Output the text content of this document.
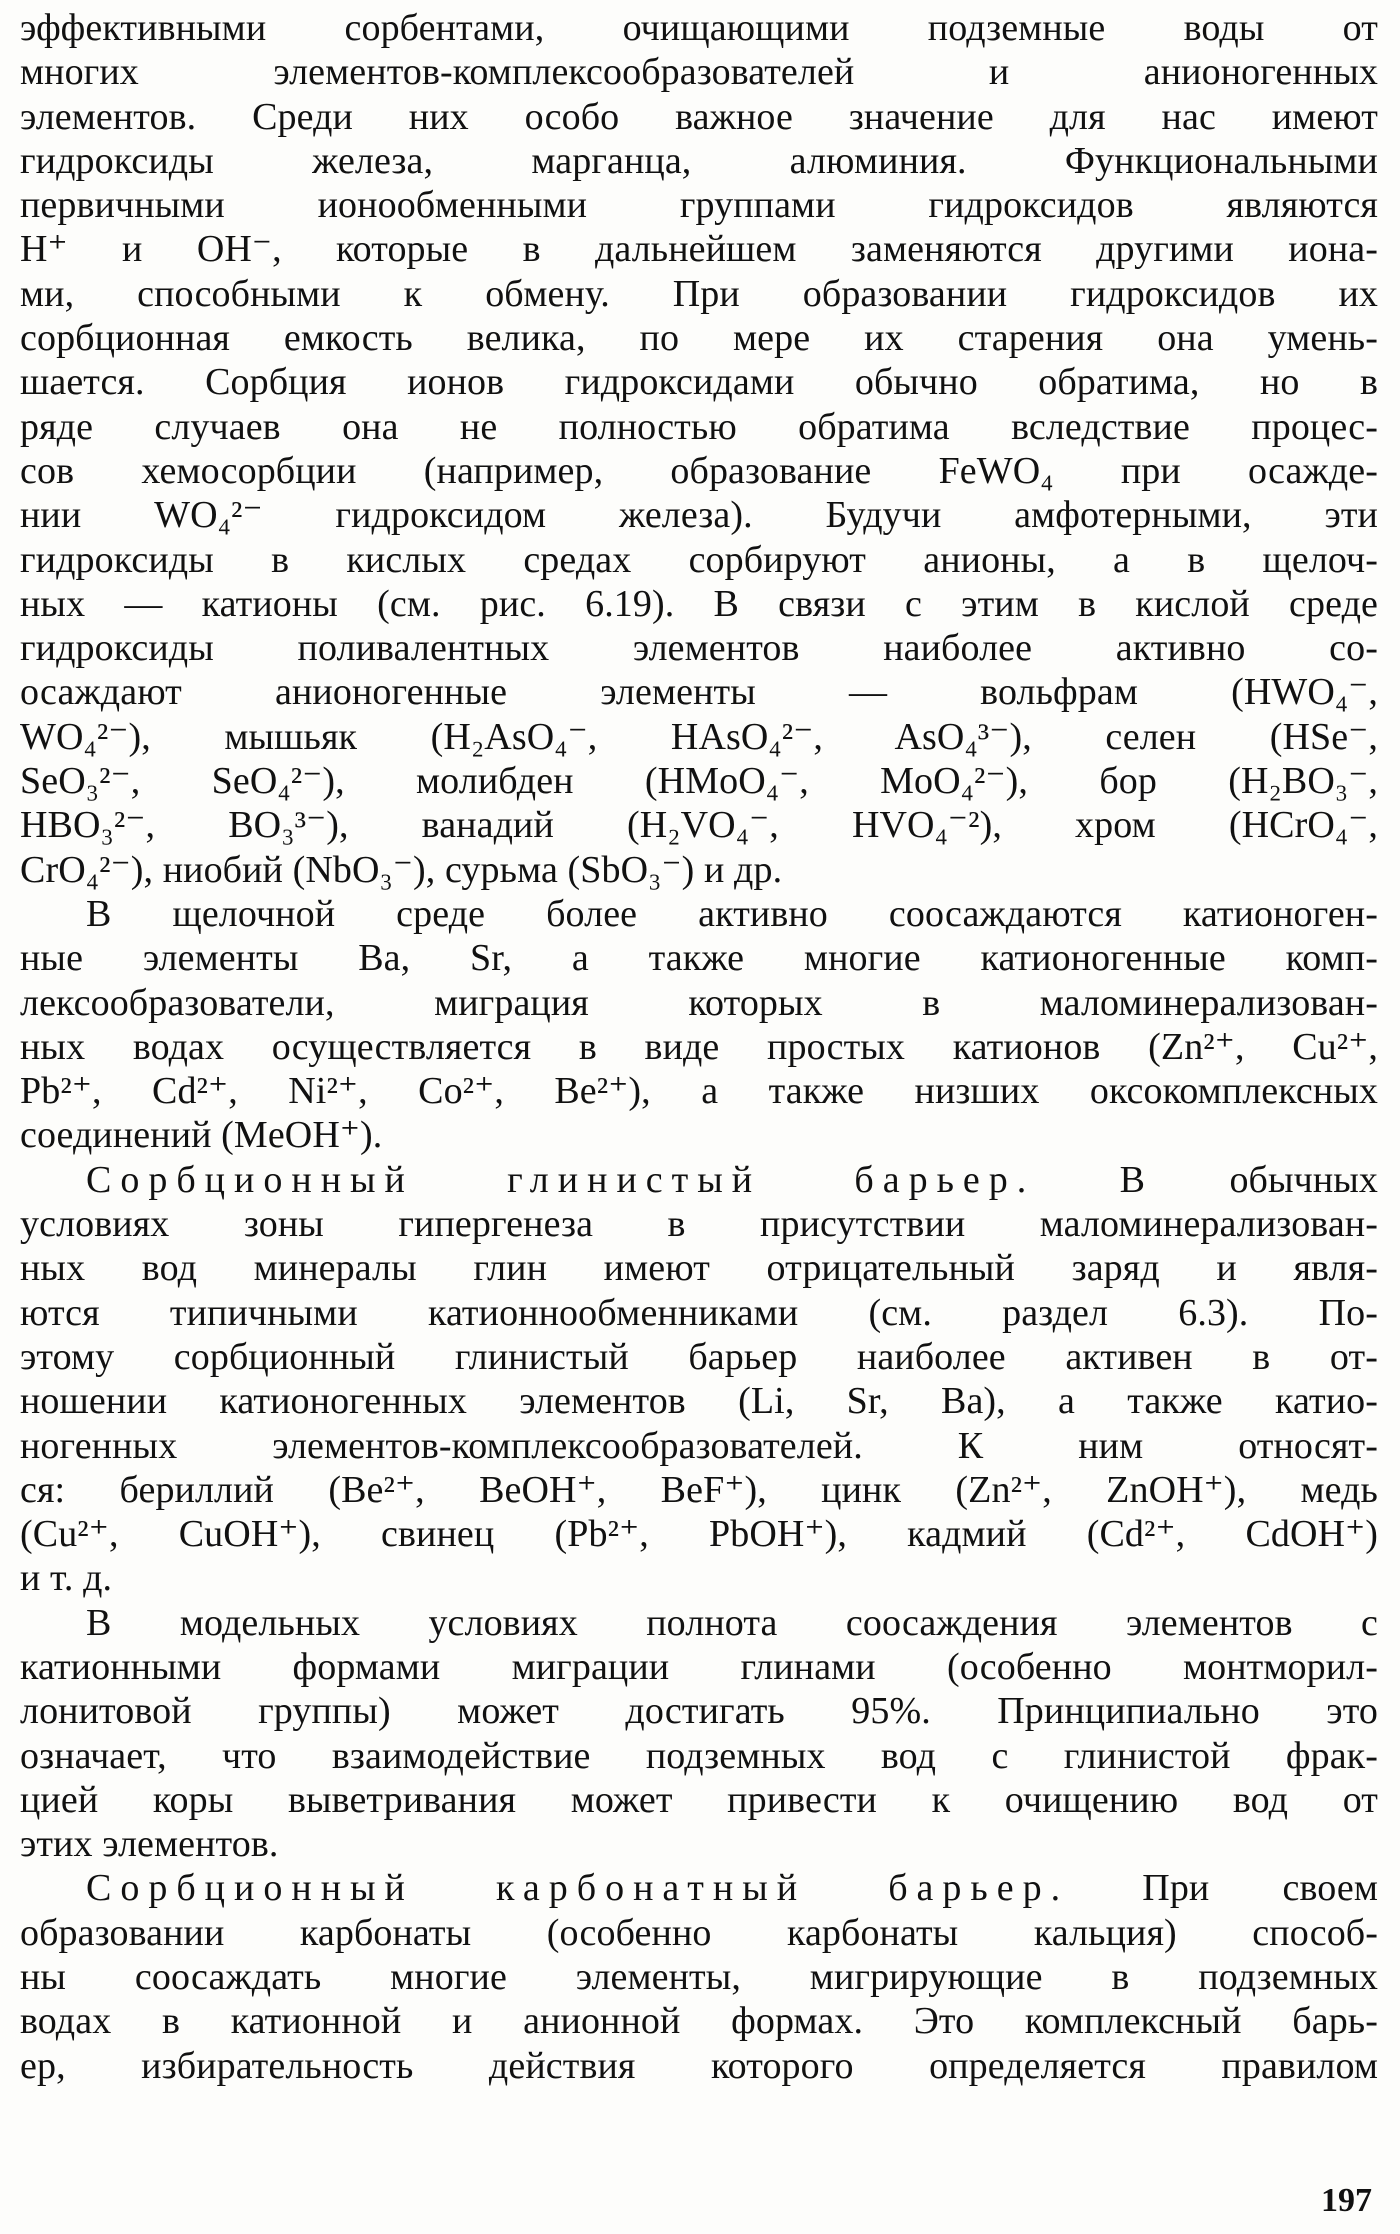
эффективными сорбентами, очищающими подземные воды от
многих элементов-комплексообразователей и анионогенных
элементов. Среди них особо важное значение для нас имеют
гидроксиды железа, марганца, алюминия. Функциональными
первичными ионообменными группами гидроксидов являются
H⁺ и OH⁻, которые в дальнейшем заменяются другими иона-
ми, способными к обмену. При образовании гидроксидов их
сорбционная емкость велика, по мере их старения она умень-
шается. Сорбция ионов гидроксидами обычно обратима, но в
ряде случаев она не полностью обратима вследствие процес-
сов хемосорбции (например, образование FeWO₄ при осажде-
нии WO₄²⁻ гидроксидом железа). Будучи амфотерными, эти
гидроксиды в кислых средах сорбируют анионы, а в щелоч-
ных — катионы (см. рис. 6.19). В связи с этим в кислой среде
гидроксиды поливалентных элементов наиболее активно со-
осаждают анионогенные элементы — вольфрам (HWO₄⁻,
WO₄²⁻), мышьяк (H₂AsO₄⁻, HAsO₄²⁻, AsO₄³⁻), селен (HSe⁻,
SeO₃²⁻, SeO₄²⁻), молибден (HMoO₄⁻, MoO₄²⁻), бор (H₂BO₃⁻,
HBO₃²⁻, BO₃³⁻), ванадий (H₂VO₄⁻, HVO₄⁻²), хром (HCrO₄⁻,
CrO₄²⁻), ниобий (NbO₃⁻), сурьма (SbO₃⁻) и др.
В щелочной среде более активно соосаждаются катионоген-
ные элементы Ba, Sr, а также многие катионогенные комп-
лексообразователи, миграция которых в маломинерализован-
ных водах осуществляется в виде простых катионов (Zn²⁺, Cu²⁺,
Pb²⁺, Cd²⁺, Ni²⁺, Co²⁺, Be²⁺), а также низших оксокомплексных
соединений (MeOH⁺).
Сорбционный глинистый барьер. В обычных
условиях зоны гипергенеза в присутствии маломинерализован-
ных вод минералы глин имеют отрицательный заряд и явля-
ются типичными катионнообменниками (см. раздел 6.3). По-
этому сорбционный глинистый барьер наиболее активен в от-
ношении катионогенных элементов (Li, Sr, Ba), а также катио-
ногенных элементов-комплексообразователей. К ним относят-
ся: бериллий (Be²⁺, BeOH⁺, BeF⁺), цинк (Zn²⁺, ZnOH⁺), медь
(Cu²⁺, CuOH⁺), свинец (Pb²⁺, PbOH⁺), кадмий (Cd²⁺, CdOH⁺)
и т. д.
В модельных условиях полнота соосаждения элементов с
катионными формами миграции глинами (особенно монтморил-
лонитовой группы) может достигать 95%. Принципиально это
означает, что взаимодействие подземных вод с глинистой фрак-
цией коры выветривания может привести к очищению вод от
этих элементов.
Сорбционный карбонатный барьер. При своем
образовании карбонаты (особенно карбонаты кальция) способ-
ны соосаждать многие элементы, мигрирующие в подземных
водах в катионной и анионной формах. Это комплексный барь-
ер, избирательность действия которого определяется правилом
197
